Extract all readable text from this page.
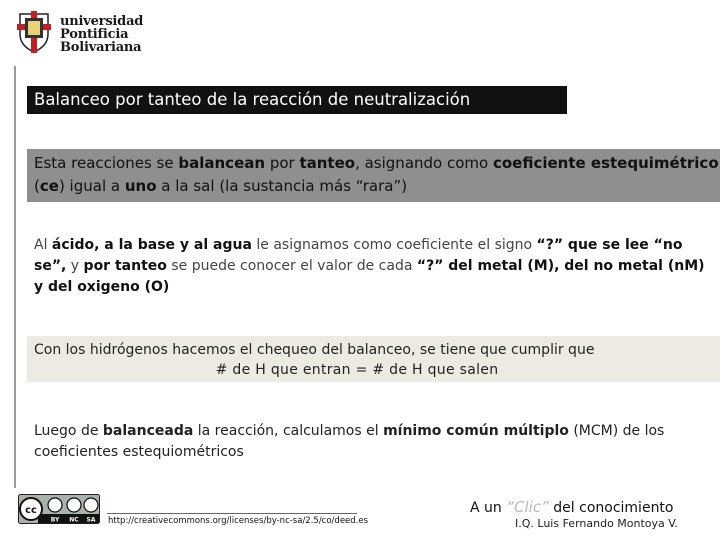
universidad
Pontificia
Bolivariana
Balanceo por tanteo de la reacción de neutralización
Esta reacciones se balancean por tanteo, asignando como coeficiente estequimétrico (ce) igual a uno a la sal (la sustancia más “rara”)
Al ácido, a la base y al agua le asignamos como coeficiente el signo “?” que se lee “no se”, y por tanteo se puede conocer el valor de cada “?” del metal (M), del no metal (nM) y del oxigeno (O)
Con los hidrógenos hacemos el chequeo del balanceo, se tiene que cumplir que
# de H que entran = # de H que salen
Luego de balanceada la reacción, calculamos el mínimo común múltiplo (MCM) de los coeficientes estequiométricos
cc
BY NC SA http://creativecommons.org/licenses/by-nc-sa/2.5/co/deed.es
A un “Clic” del conocimiento
I.Q. Luis Fernando Montoya V.
